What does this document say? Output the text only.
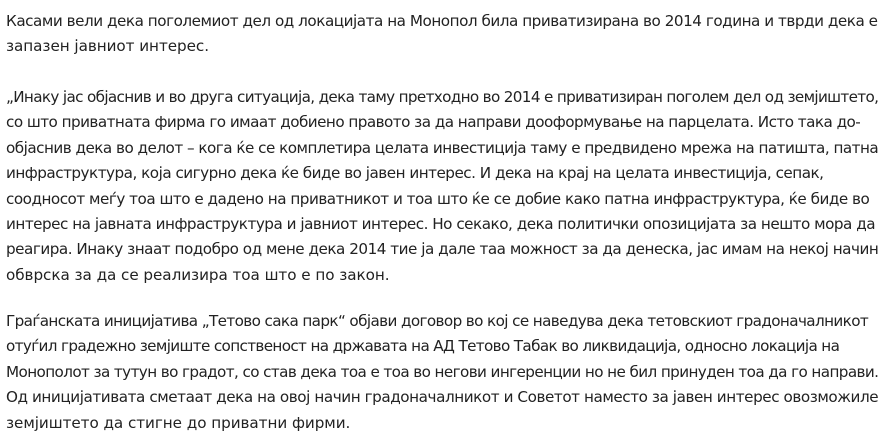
Касами вели дека поголемиот дел од локацијата на Монопол била приватизирана во 2014 година и тврди дека е
запазен јавниот интерес.

„Инаку јас објаснив и во друга ситуација, дека таму претходно во 2014 е приватизиран поголем дел од земјиштето,
со што приватната фирма го имаат добиено правото за да направи дооформување на парцелата. Исто така до-
објаснив дека во делот – кога ќе се комплетира целата инвестиција таму е предвидено мрежа на патишта, патна
инфраструктура, која сигурно дека ќе биде во јавен интерес. И дека на крај на целата инвестиција, сепак,
соодносот меѓу тоа што е дадено на приватникот и тоа што ќе се добие како патна инфраструктура, ќе биде во
интерес на јавната инфраструктура и јавниот интерес. Но секако, дека политички опозицијата за нешто мора да
реагира. Инаку знаат подобро од мене дека 2014 тие ја дале таа можност за да денеска, јас имам на некој начин
обврска за да се реализира тоа што е по закон.

Граѓанската иницијатива „Тетово сака парк“ објави договор во кој се наведува дека тетовскиот градоначалникот
отуѓил градежно земјиште сопственост на државата на АД Тетово Табак во ликвидација, односно локација на
Монополот за тутун во градот, со став дека тоа е тоа во негови ингеренции но не бил принуден тоа да го направи.
Од иницијативата сметаат дека на овој начин градоначалникот и Советот наместо за јавен интерес овозможиле
земјиштето да стигне до приватни фирми.
